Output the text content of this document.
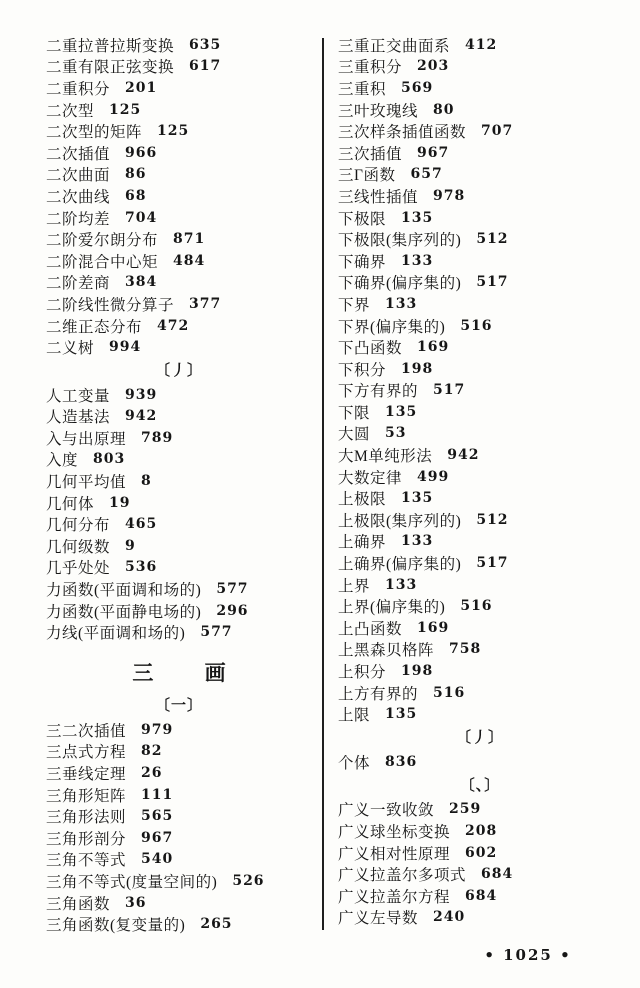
二重拉普拉斯变换 635
二重有限正弦变换 617
二重积分 201
二次型 125
二次型的矩阵 125
二次插值 966
二次曲面 86
二次曲线 68
二阶均差 704
二阶爱尔朗分布 871
二阶混合中心矩 484
二阶差商 384
二阶线性微分算子 377
二维正态分布 472
二义树 994
〔丿〕
人工变量 939
人造基法 942
入与出原理 789
入度 803
几何平均值 8
几何体 19
几何分布 465
几何级数 9
几乎处处 536
力函数(平面调和场的) 577
力函数(平面静电场的) 296
力线(平面调和场的) 577
三 画
〔一〕
三二次插值 979
三点式方程 82
三垂线定理 26
三角形矩阵 111
三角形法则 565
三角形剖分 967
三角不等式 540
三角不等式(度量空间的) 526
三角函数 36
三角函数(复变量的) 265
三重正交曲面系 412
三重积分 203
三重积 569
三叶玫瑰线 80
三次样条插值函数 707
三次插值 967
三Γ函数 657
三线性插值 978
下极限 135
下极限(集序列的) 512
下确界 133
下确界(偏序集的) 517
下界 133
下界(偏序集的) 516
下凸函数 169
下积分 198
下方有界的 517
下限 135
大圆 53
大M单纯形法 942
大数定律 499
上极限 135
上极限(集序列的) 512
上确界 133
上确界(偏序集的) 517
上界 133
上界(偏序集的) 516
上凸函数 169
上黑森贝格阵 758
上积分 198
上方有界的 516
上限 135
〔丿〕
个体 836
〔、〕
广义一致收敛 259
广义球坐标变换 208
广义相对性原理 602
广义拉盖尔多项式 684
广义拉盖尔方程 684
广义左导数 240
• 1025 •
